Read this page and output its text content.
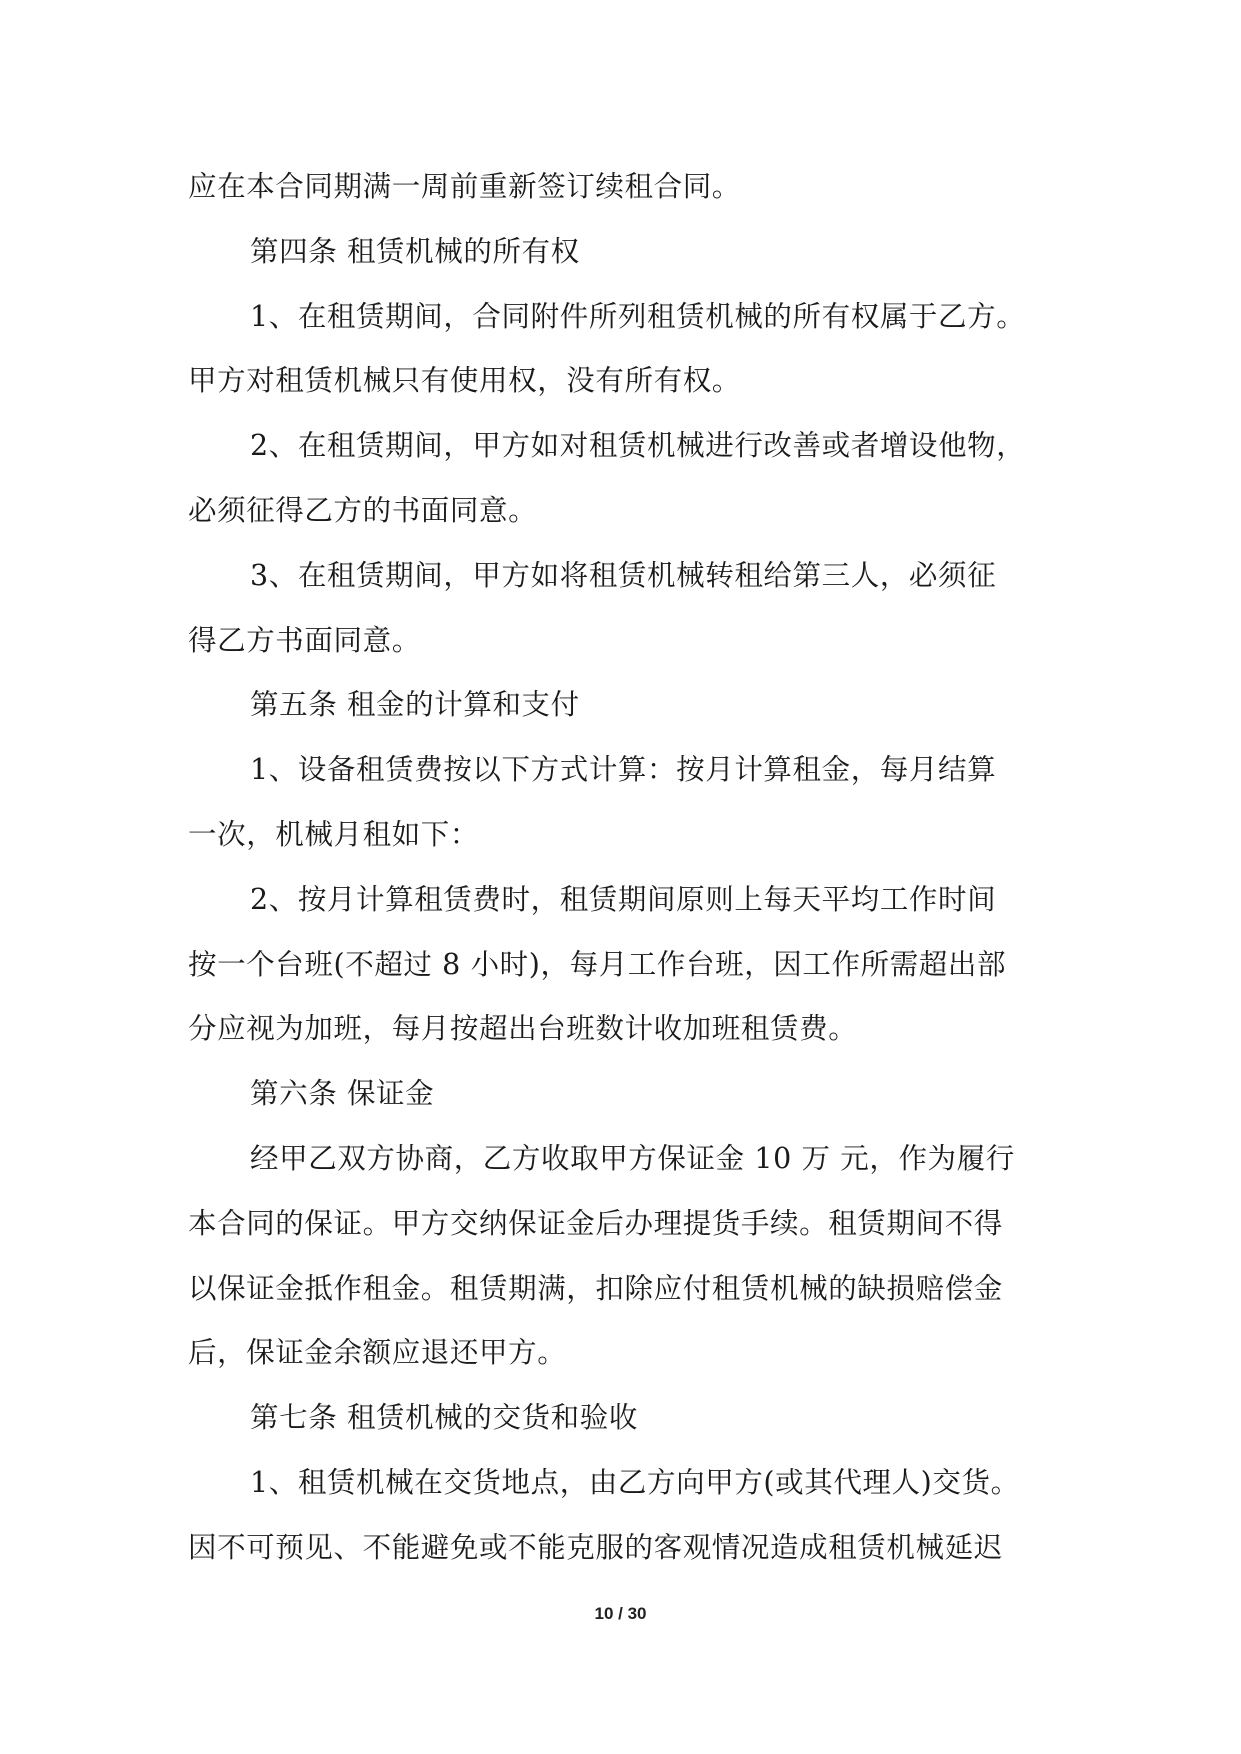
应在本合同期满一周前重新签订续租合同。
第四条 租赁机械的所有权
1、在租赁期间，合同附件所列租赁机械的所有权属于乙方。
甲方对租赁机械只有使用权，没有所有权。
2、在租赁期间，甲方如对租赁机械进行改善或者增设他物，
必须征得乙方的书面同意。
3、在租赁期间，甲方如将租赁机械转租给第三人，必须征
得乙方书面同意。
第五条 租金的计算和支付
1、设备租赁费按以下方式计算：按月计算租金，每月结算
一次，机械月租如下：
2、按月计算租赁费时，租赁期间原则上每天平均工作时间
按一个台班(不超过 8 小时)，每月工作台班，因工作所需超出部
分应视为加班，每月按超出台班数计收加班租赁费。
第六条 保证金
经甲乙双方协商，乙方收取甲方保证金 10 万 元，作为履行
本合同的保证。甲方交纳保证金后办理提货手续。租赁期间不得
以保证金抵作租金。租赁期满，扣除应付租赁机械的缺损赔偿金
后，保证金余额应退还甲方。
第七条 租赁机械的交货和验收
1、租赁机械在交货地点，由乙方向甲方(或其代理人)交货。
因不可预见、不能避免或不能克服的客观情况造成租赁机械延迟
10 / 30
